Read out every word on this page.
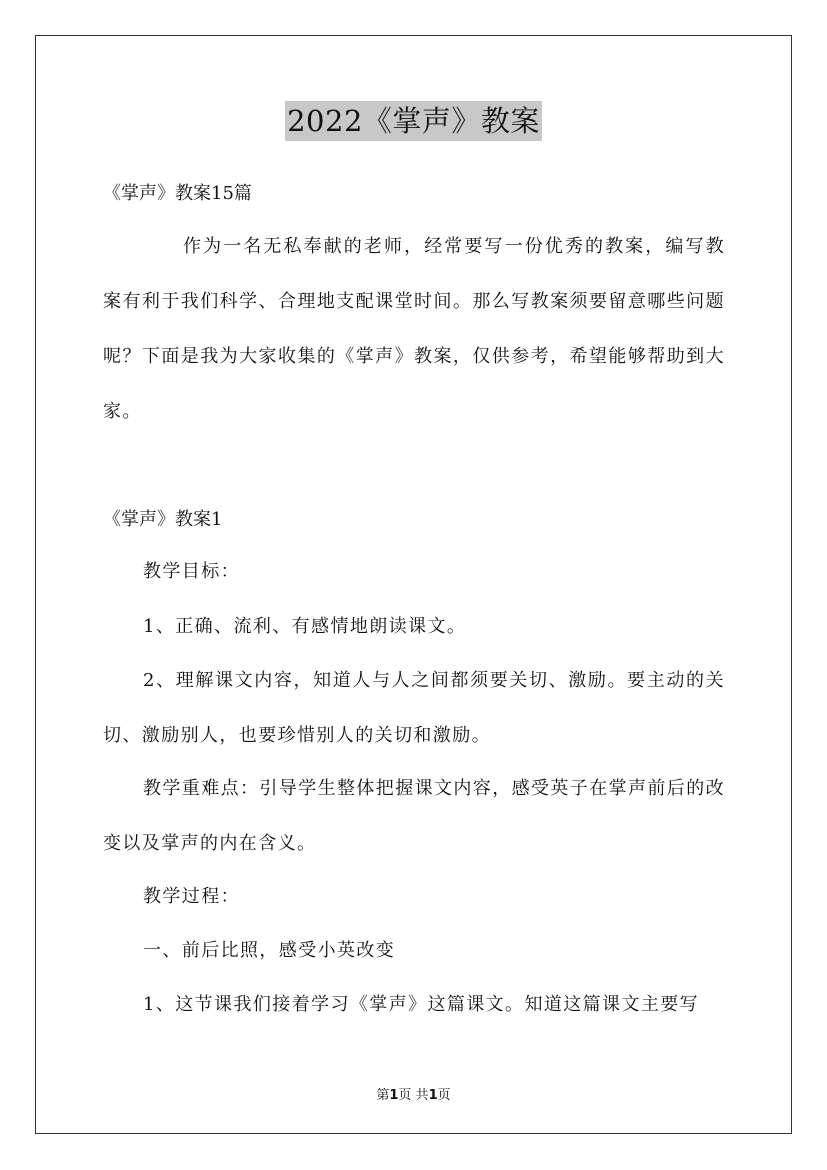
2022《掌声》教案
《掌声》教案15篇
作为一名无私奉献的老师，经常要写一份优秀的教案，编写教案有利于我们科学、合理地支配课堂时间。那么写教案须要留意哪些问题呢？下面是我为大家收集的《掌声》教案，仅供参考，希望能够帮助到大家。
《掌声》教案1
教学目标：
1、正确、流利、有感情地朗读课文。
2、理解课文内容，知道人与人之间都须要关切、激励。要主动的关切、激励别人，也要珍惜别人的关切和激励。
教学重难点：引导学生整体把握课文内容，感受英子在掌声前后的改变以及掌声的内在含义。
教学过程：
一、前后比照，感受小英改变
1、这节课我们接着学习《掌声》这篇课文。知道这篇课文主要写
第1页 共1页
